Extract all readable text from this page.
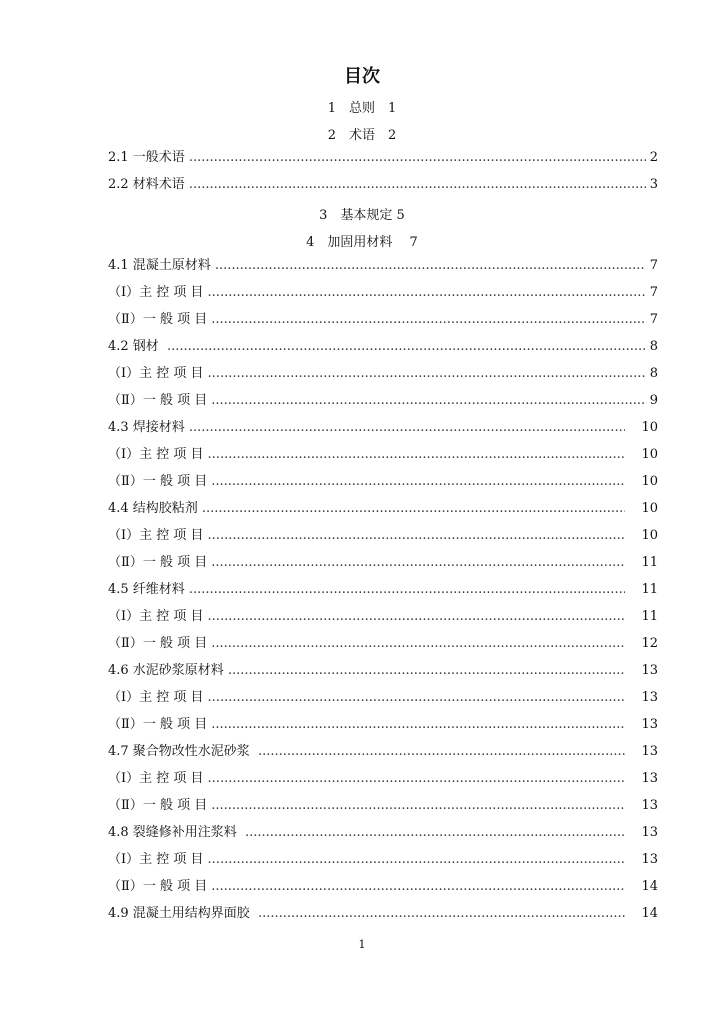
目次
1　总则　1
2　术语　2
2.1 一般术语 .....	2
2.2 材料术语 .....	3
3　基本规定 5
4　加固用材料　 7
4.1 混凝土原材料 .....	7
（Ⅰ）主 控 项 目 .....	7
（Ⅱ）一 般 项 目 .....	7
4.2 钢材 .....	8
（Ⅰ）主 控 项 目 .....	8
（Ⅱ）一 般 项 目 .....	9
4.3 焊接材料 .....	10
（Ⅰ）主 控 项 目 .....	10
（Ⅱ）一 般 项 目 .....	10
4.4 结构胶粘剂 .....	10
（Ⅰ）主 控 项 目 .....	10
（Ⅱ）一 般 项 目 .....	11
4.5 纤维材料 .....	11
（Ⅰ）主 控 项 目 .....	11
（Ⅱ）一 般 项 目 .....	12
4.6 水泥砂浆原材料 .....	13
（Ⅰ）主 控 项 目 .....	13
（Ⅱ）一 般 项 目 .....	13
4.7 聚合物改性水泥砂浆 .....	13
（Ⅰ）主 控 项 目 .....	13
（Ⅱ）一 般 项 目 .....	13
4.8 裂缝修补用注浆料 .....	13
（Ⅰ）主 控 项 目 .....	13
（Ⅱ）一 般 项 目 .....	14
4.9 混凝土用结构界面胶 .....	14
1
